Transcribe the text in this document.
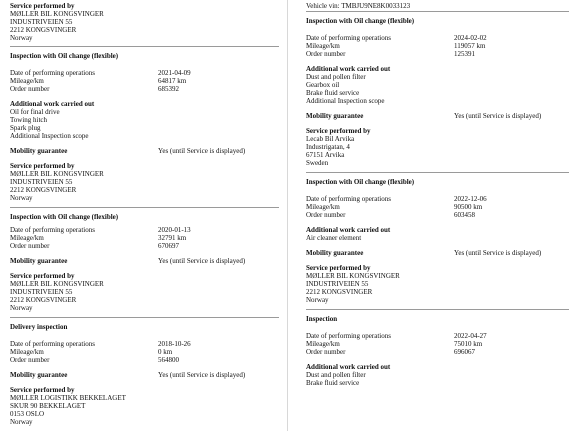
Service performed by
MØLLER BIL KONGSVINGER
INDUSTRIVEIEN 55
2212 KONGSVINGER
Norway
Inspection with Oil change (flexible)
Date of performing operations	2021-04-09
Mileage/km	64817 km
Order number	685392
Additional work carried out
Oil for final drive
Towing hitch
Spark plug
Additional Inspection scope
Mobility guarantee	Yes (until Service is displayed)
Service performed by
MØLLER BIL KONGSVINGER
INDUSTRIVEIEN 55
2212 KONGSVINGER
Norway
Inspection with Oil change (flexible)
Date of performing operations	2020-01-13
Mileage/km	32791 km
Order number	670697
Mobility guarantee	Yes (until Service is displayed)
Service performed by
MØLLER BIL KONGSVINGER
INDUSTRIVEIEN 55
2212 KONGSVINGER
Norway
Delivery inspection
Date of performing operations	2018-10-26
Mileage/km	0 km
Order number	564800
Mobility guarantee	Yes (until Service is displayed)
Service performed by
MØLLER LOGISTIKK BEKKELAGET
SKUR 90 BEKKELAGET
0153 OSLO
Norway
Vehicle vin: TMBJU9NE8K0033123
Inspection with Oil change (flexible)
Date of performing operations	2024-02-02
Mileage/km	119057 km
Order number	125391
Additional work carried out
Dust and pollen filter
Gearbox oil
Brake fluid service
Additional Inspection scope
Mobility guarantee	Yes (until Service is displayed)
Service performed by
Lecab Bil Arvika
Industrigatan, 4
67151 Arvika
Sweden
Inspection with Oil change (flexible)
Date of performing operations	2022-12-06
Mileage/km	90500 km
Order number	603458
Additional work carried out
Air cleaner element
Mobility guarantee	Yes (until Service is displayed)
Service performed by
MØLLER BIL KONGSVINGER
INDUSTRIVEIEN 55
2212 KONGSVINGER
Norway
Inspection
Date of performing operations	2022-04-27
Mileage/km	75010 km
Order number	696067
Additional work carried out
Dust and pollen filter
Brake fluid service
